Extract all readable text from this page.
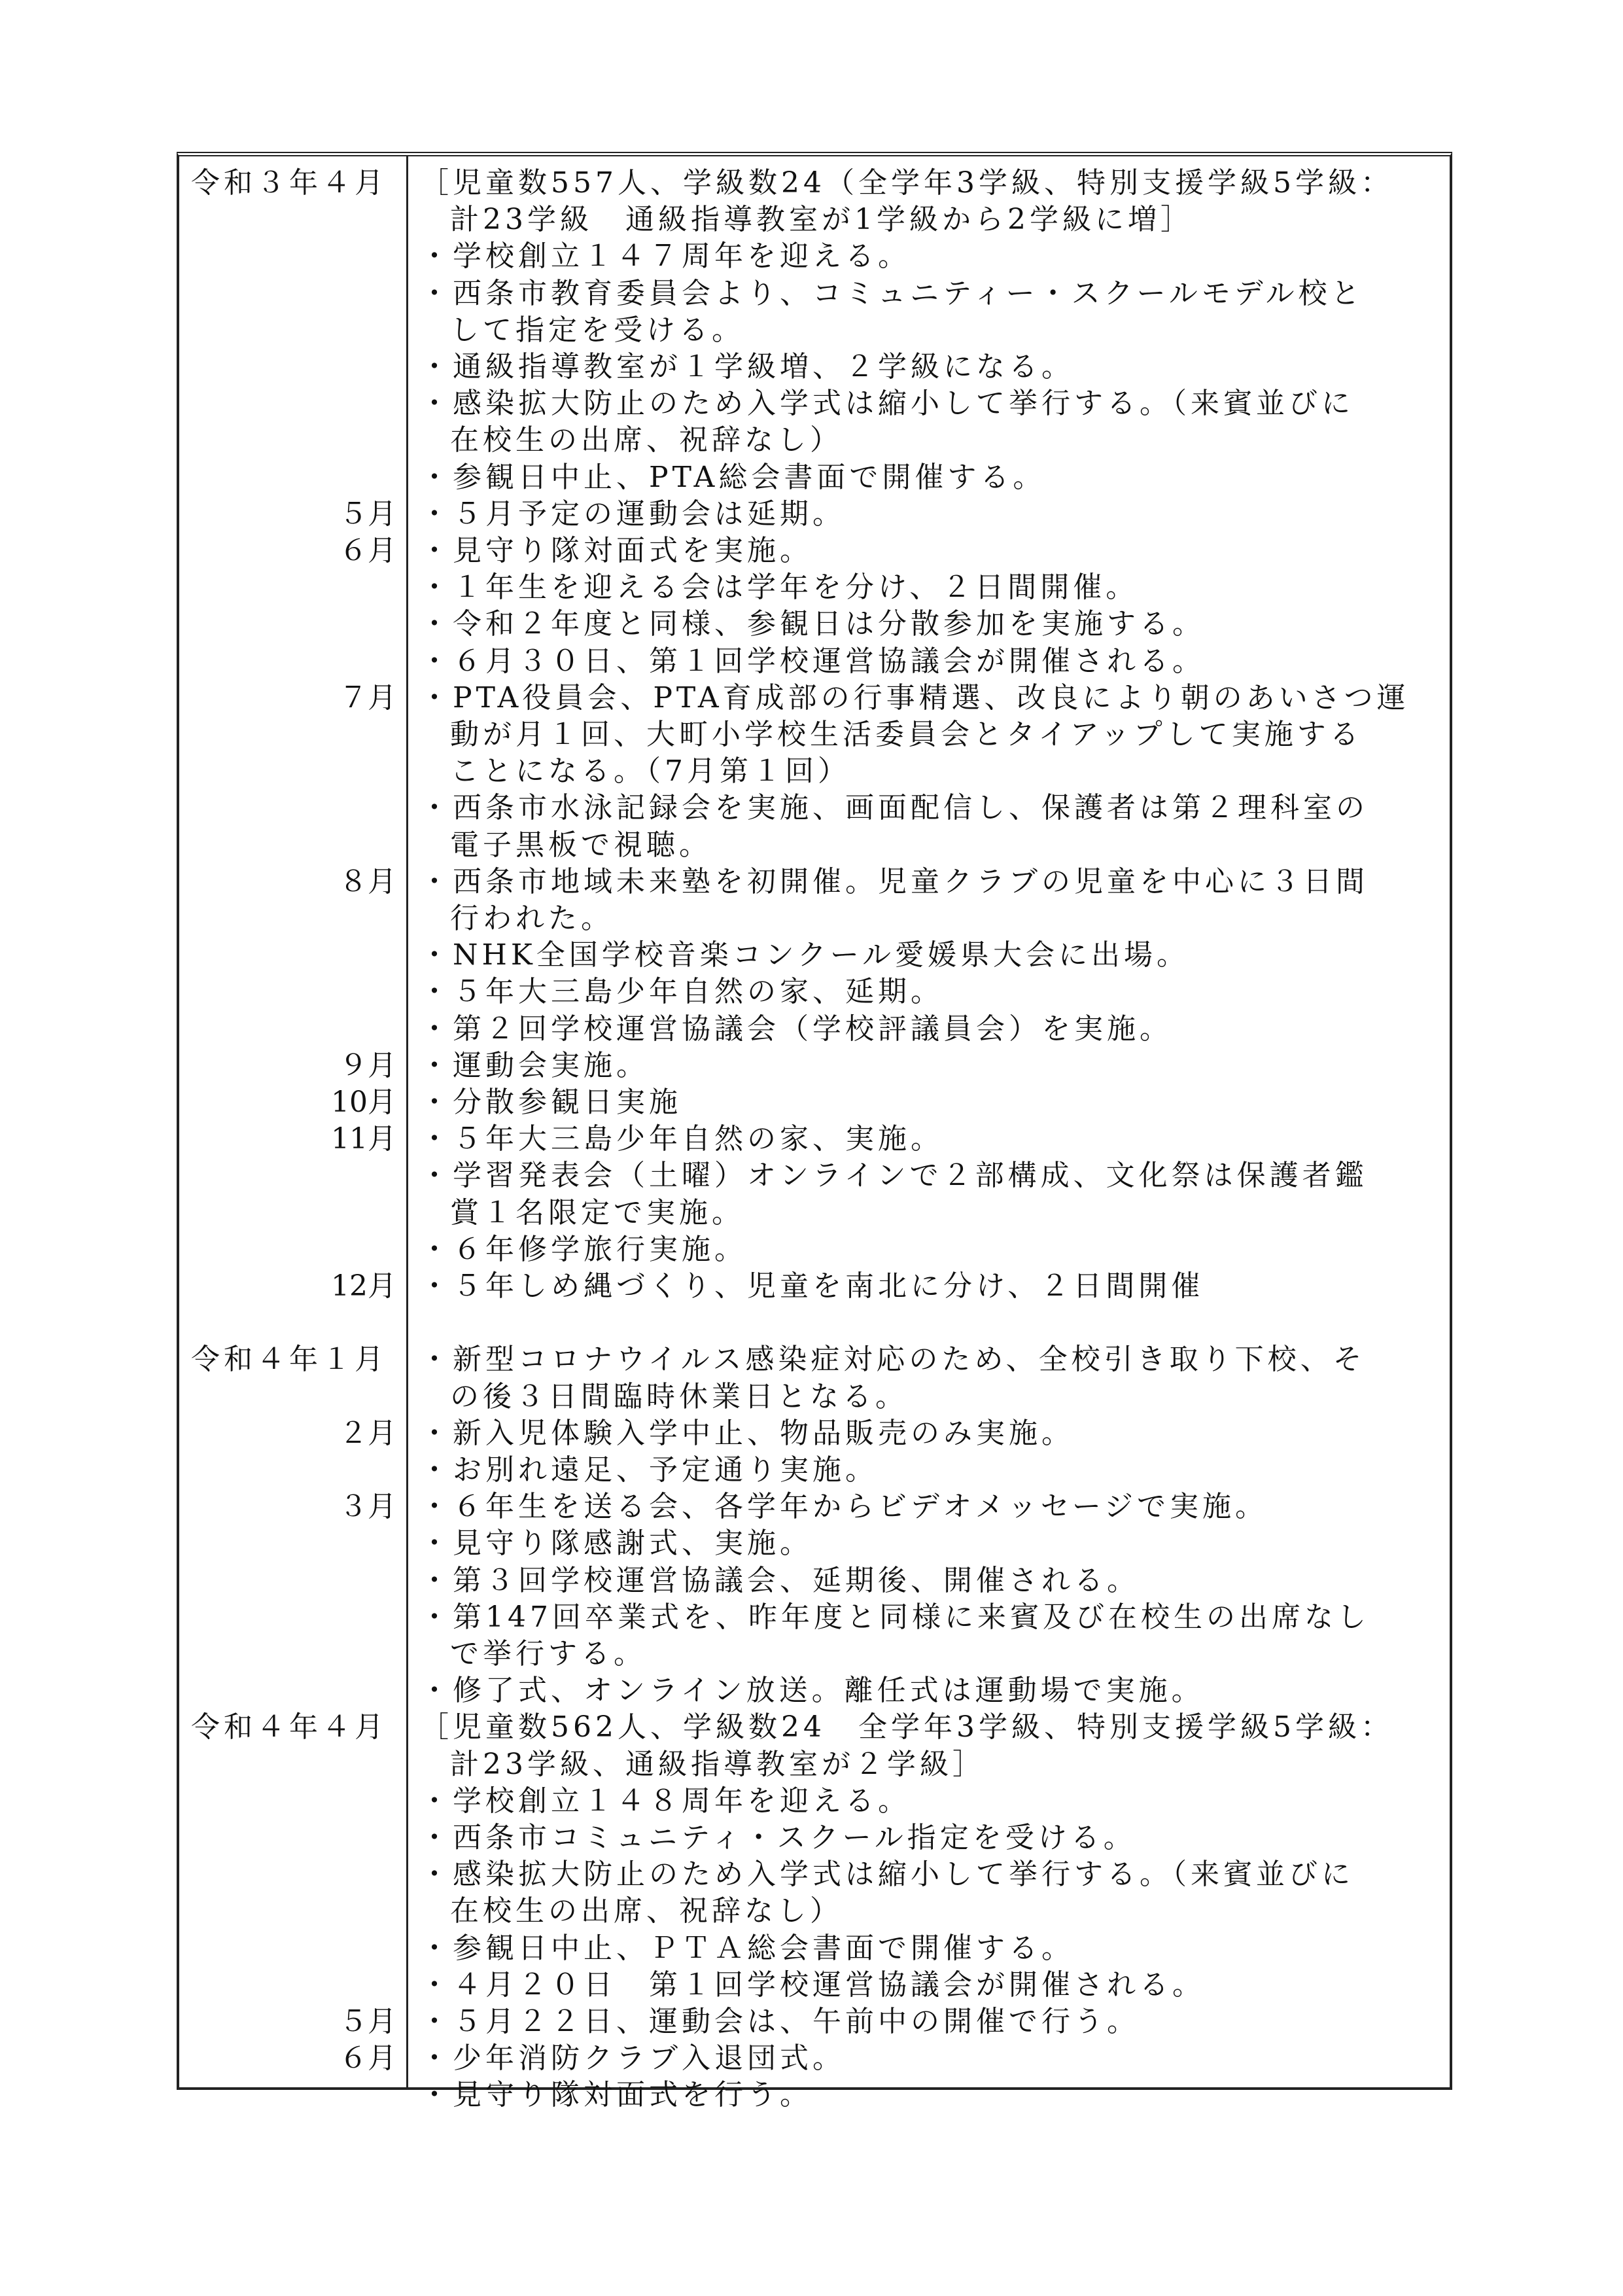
令和３年４月	［児童数557人、学級数24（全学年3学級、特別支援学級5学級：
計23学級　通級指導教室が1学級から2学級に増］
・学校創立１４７周年を迎える。
・西条市教育委員会より、コミュニティー・スクールモデル校と
して指定を受ける。
・通級指導教室が１学級増、２学級になる。
・感染拡大防止のため入学式は縮小して挙行する。（来賓並びに
在校生の出席、祝辞なし）
・参観日中止、PTA総会書面で開催する。
５月 ・５月予定の運動会は延期。
６月 ・見守り隊対面式を実施。
・１年生を迎える会は学年を分け、２日間開催。
・令和２年度と同様、参観日は分散参加を実施する。
・６月３０日、第１回学校運営協議会が開催される。
７月 ・PTA役員会、PTA育成部の行事精選、改良により朝のあいさつ運
動が月１回、大町小学校生活委員会とタイアップして実施する
ことになる。（7月第１回）
・西条市水泳記録会を実施、画面配信し、保護者は第２理科室の
電子黒板で視聴。
８月 ・西条市地域未来塾を初開催。児童クラブの児童を中心に３日間
行われた。
・NHK全国学校音楽コンクール愛媛県大会に出場。
・５年大三島少年自然の家、延期。
・第２回学校運営協議会（学校評議員会）を実施。
９月 ・運動会実施。
10月 ・分散参観日実施
11月 ・５年大三島少年自然の家、実施。
・学習発表会（土曜）オンラインで２部構成、文化祭は保護者鑑
賞１名限定で実施。
・６年修学旅行実施。
12月 ・５年しめ縄づくり、児童を南北に分け、２日間開催
令和４年１月	・新型コロナウイルス感染症対応のため、全校引き取り下校、そ
の後３日間臨時休業日となる。
２月 ・新入児体験入学中止、物品販売のみ実施。
・お別れ遠足、予定通り実施。
３月 ・６年生を送る会、各学年からビデオメッセージで実施。
・見守り隊感謝式、実施。
・第３回学校運営協議会、延期後、開催される。
・第147回卒業式を、昨年度と同様に来賓及び在校生の出席なし
で挙行する。
・修了式、オンライン放送。離任式は運動場で実施。
令和４年４月	［児童数562人、学級数24　全学年3学級、特別支援学級5学級：
計23学級、通級指導教室が２学級］
・学校創立１４８周年を迎える。
・西条市コミュニティ・スクール指定を受ける。
・感染拡大防止のため入学式は縮小して挙行する。（来賓並びに
在校生の出席、祝辞なし）
・参観日中止、ＰＴＡ総会書面で開催する。
・４月２０日　第１回学校運営協議会が開催される。
５月 ・５月２２日、運動会は、午前中の開催で行う。
６月 ・少年消防クラブ入退団式。
・見守り隊対面式を行う。
